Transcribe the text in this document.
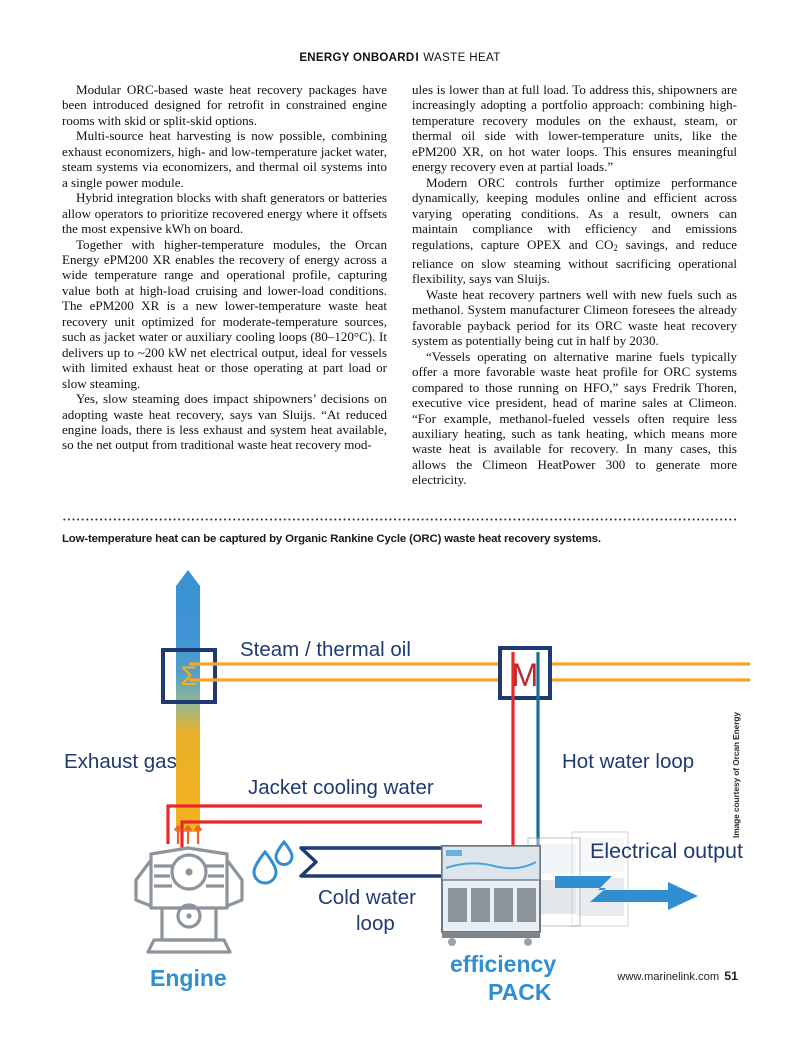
ENERGY ONBOARDI WASTE HEAT

Modular ORC-based waste heat recovery packages have been introduced designed for retrofit in constrained engine rooms with skid or split-skid options.

Multi-source heat harvesting is now possible, combining exhaust economizers, high- and low-temperature jacket water, steam systems via economizers, and thermal oil systems into a single power module.

Hybrid integration blocks with shaft generators or batteries allow operators to prioritize recovered energy where it offsets the most expensive kWh on board.

Together with higher-temperature modules, the Orcan Energy ePM200 XR enables the recovery of energy across a wide temperature range and operational profile, capturing value both at high-load cruising and lower-load conditions. The ePM200 XR is a new lower-temperature waste heat recovery unit optimized for moderate-temperature sources, such as jacket water or auxiliary cooling loops (80–120°C). It delivers up to ~200 kW net electrical output, ideal for vessels with limited exhaust heat or those operating at part load or slow steaming.

Yes, slow steaming does impact shipowners’ decisions on adopting waste heat recovery, says van Sluijs. “At reduced engine loads, there is less exhaust and system heat available, so the net output from traditional waste heat recovery mod-

ules is lower than at full load. To address this, shipowners are increasingly adopting a portfolio approach: combining high-temperature recovery modules on the exhaust, steam, or thermal oil side with lower-temperature units, like the ePM200 XR, on hot water loops. This ensures meaningful energy recovery even at partial loads.”

Modern ORC controls further optimize performance dynamically, keeping modules online and efficient across varying operating conditions. As a result, owners can maintain compliance with efficiency and emissions regulations, capture OPEX and $CO_2$ savings, and reduce reliance on slow steaming without sacrificing operational flexibility, says van Sluijs.

Waste heat recovery partners well with new fuels such as methanol. System manufacturer Climeon foresees the already favorable payback period for its ORC waste heat recovery system as potentially being cut in half by 2030.

“Vessels operating on alternative marine fuels typically offer a more favorable waste heat profile for ORC systems compared to those running on HFO,” says Fredrik Thoren, executive vice president, head of marine sales at Climeon. “For example, methanol-fueled vessels often require less auxiliary heating, such as tank heating, which means more waste heat is available for recovery. In many cases, this allows the Climeon HeatPower 300 to generate more electricity.

Low-temperature heat can be captured by Organic Rankine Cycle (ORC) waste heat recovery systems.
Σ
Steam / thermal oil
M
Exhaust gas
Jacket cooling water
Hot water loop
Engine
Cold water
loop
efficiency
PACK
Electrical output
Image courtesy of Orcan Energy
www.marinelink.com 51
